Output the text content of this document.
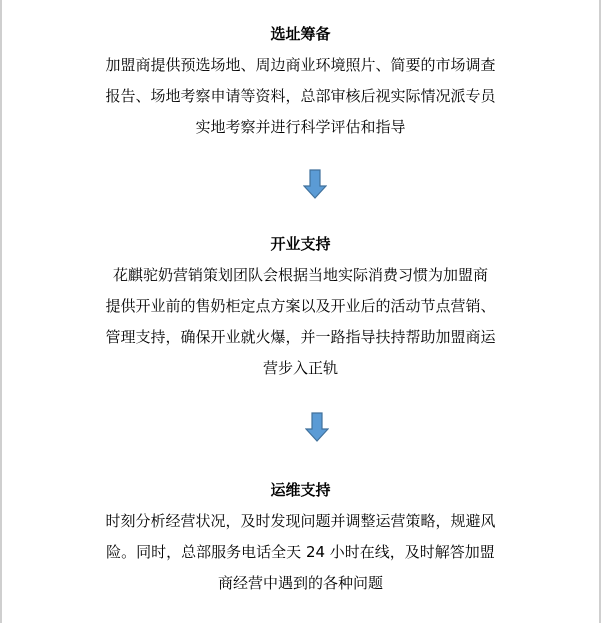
选址筹备

加盟商提供预选场地、周边商业环境照片、简要的市场调查
报告、场地考察申请等资料，总部审核后视实际情况派专员
实地考察并进行科学评估和指导

开业支持

花麒驼奶营销策划团队会根据当地实际消费习惯为加盟商
提供开业前的售奶柜定点方案以及开业后的活动节点营销、
管理支持，确保开业就火爆，并一路指导扶持帮助加盟商运
营步入正轨

运维支持

时刻分析经营状况，及时发现问题并调整运营策略，规避风
险。同时，总部服务电话全天 24 小时在线，及时解答加盟
商经营中遇到的各种问题
